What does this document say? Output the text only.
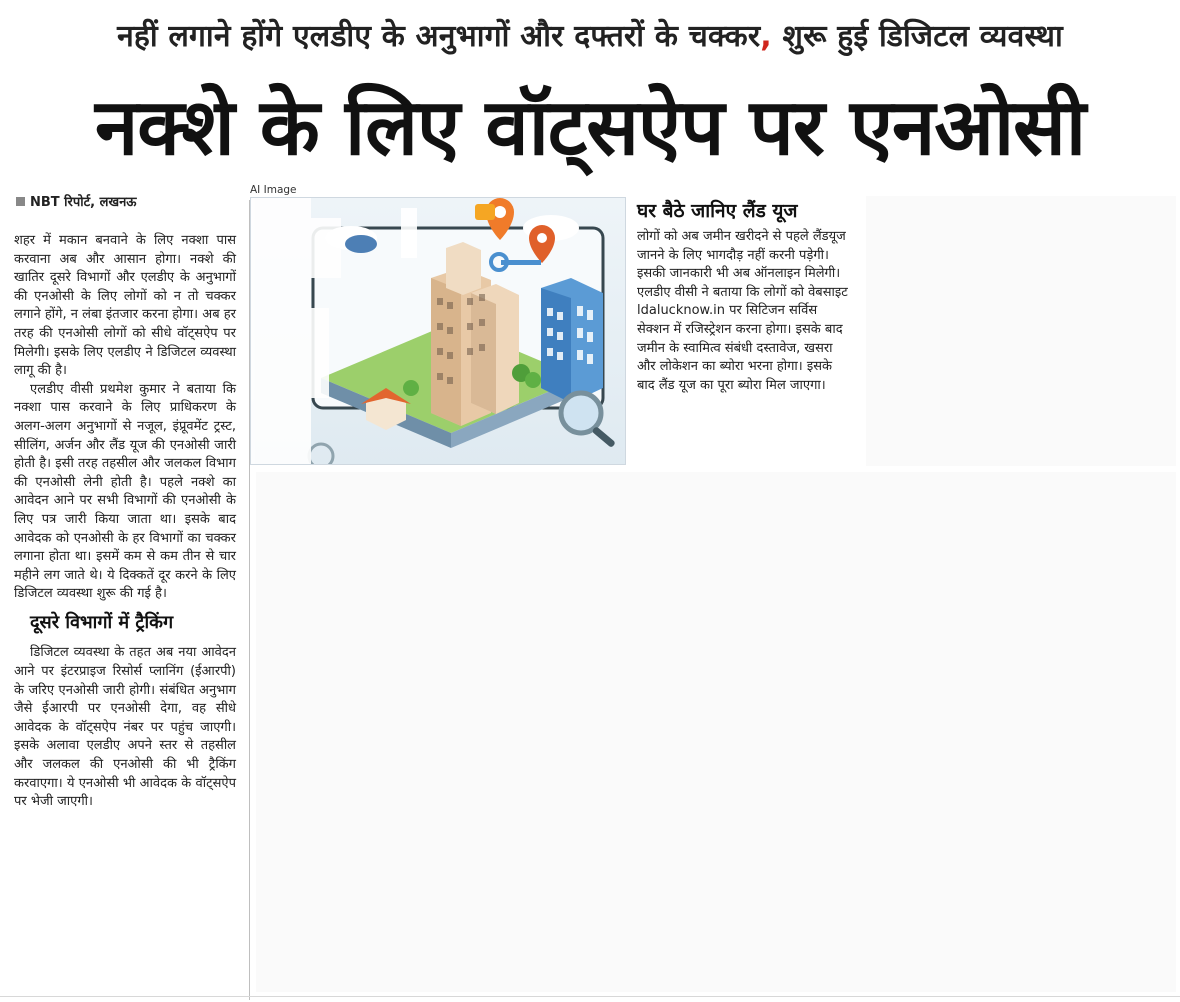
नहीं लगाने होंगे एलडीए के अनुभागों और दफ्तरों के चक्कर, शुरू हुई डिजिटल व्यवस्था
नक्शे के लिए वॉट्सऐप पर एनओसी
NBT रिपोर्ट, लखनऊ

शहर में मकान बनवाने के लिए नक्शा पास करवाना अब और आसान होगा। नक्शे की खातिर दूसरे विभागों और एलडीए के अनुभागों की एनओसी के लिए लोगों को न तो चक्कर लगाने होंगे, न लंबा इंतजार करना होगा। अब हर तरह की एनओसी लोगों को सीधे वॉट्सऐप पर मिलेगी। इसके लिए एलडीए ने डिजिटल व्यवस्था लागू की है।

एलडीए वीसी प्रथमेश कुमार ने बताया कि नक्शा पास करवाने के लिए प्राधिकरण के अलग-अलग अनुभागों से नजूल, इंप्रूवमेंट ट्रस्ट, सीलिंग, अर्जन और लैंड यूज की एनओसी जारी होती है। इसी तरह तहसील और जलकल विभाग की एनओसी लेनी होती है। पहले नक्शे का आवेदन आने पर सभी विभागों की एनओसी के लिए पत्र जारी किया जाता था। इसके बाद आवेदक को एनओसी के हर विभागों का चक्कर लगाना होता था। इसमें कम से कम तीन से चार महीने लग जाते थे। ये दिक्कतें दूर करने के लिए डिजिटल व्यवस्था शुरू की गई है।

दूसरे विभागों में ट्रैकिंग

डिजिटल व्यवस्था के तहत अब नया आवेदन आने पर इंटरप्राइज रिसोर्स प्लानिंग (ईआरपी) के जरिए एनओसी जारी होगी। संबंधित अनुभाग जैसे ईआरपी पर एनओसी देगा, वह सीधे आवेदक के वॉट्सऐप नंबर पर पहुंच जाएगी। इसके अलावा एलडीए अपने स्तर से तहसील और जलकल की एनओसी की भी ट्रैकिंग करवाएगा। ये एनओसी भी आवेदक के वॉट्सऐप पर भेजी जाएगी।

AI Image
घर बैठे जानिए लैंड यूज

लोगों को अब जमीन खरीदने से पहले लैंडयूज जानने के लिए भागदौड़ नहीं करनी पड़ेगी। इसकी जानकारी भी अब ऑनलाइन मिलेगी। एलडीए वीसी ने बताया कि लोगों को वेबसाइट ldalucknow.in पर सिटिजन सर्विस सेक्शन में रजिस्ट्रेशन करना होगा। इसके बाद जमीन के स्वामित्व संबंधी दस्तावेज, खसरा और लोकेशन का ब्योरा भरना होगा। इसके बाद लैंड यूज का पूरा ब्योरा मिल जाएगा।
